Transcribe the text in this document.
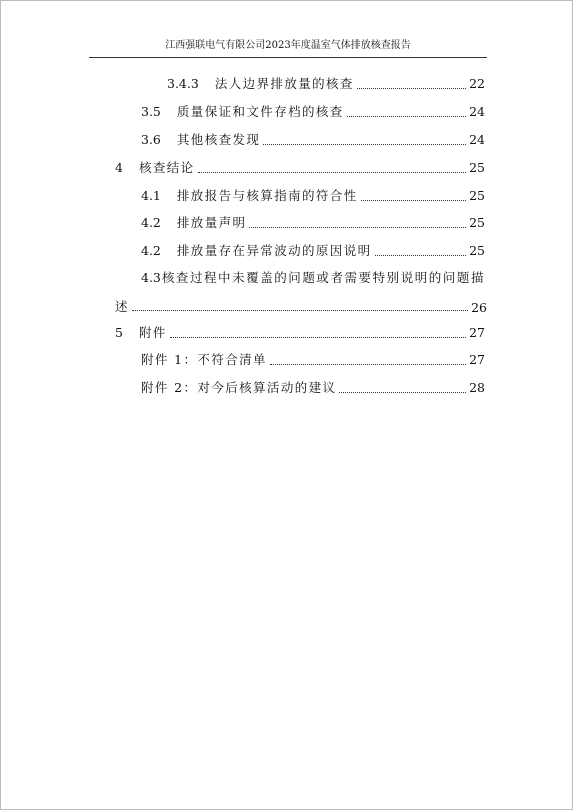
江西强联电气有限公司2023年度温室气体排放核查报告
3.4.3 法人边界排放量的核查	22
3.5 质量保证和文件存档的核查	24
3.6 其他核查发现	24
4 核查结论	25
4.1 排放报告与核算指南的符合性	25
4.2 排放量声明	25
4.2 排放量存在异常波动的原因说明	25
4.3 核查过程中未覆盖的问题或者需要特别说明的问题描
述	26
5 附件	27
附件 1：不符合清单	27
附件 2：对今后核算活动的建议	28
